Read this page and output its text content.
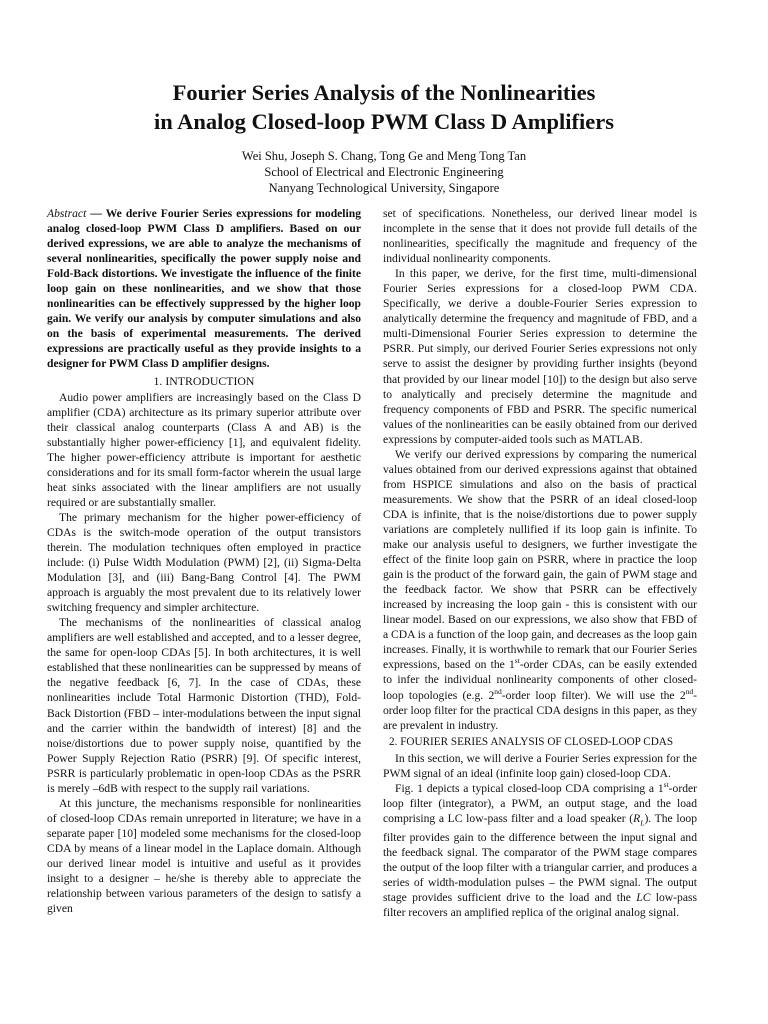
Fourier Series Analysis of the Nonlinearities
in Analog Closed-loop PWM Class D Amplifiers
Wei Shu, Joseph S. Chang, Tong Ge and Meng Tong Tan
School of Electrical and Electronic Engineering
Nanyang Technological University, Singapore

Abstract — We derive Fourier Series expressions for modeling analog closed-loop PWM Class D amplifiers. Based on our derived expressions, we are able to analyze the mechanisms of several nonlinearities, specifically the power supply noise and Fold-Back distortions. We investigate the influence of the finite loop gain on these nonlinearities, and we show that those nonlinearities can be effectively suppressed by the higher loop gain. We verify our analysis by computer simulations and also on the basis of experimental measurements. The derived expressions are practically useful as they provide insights to a designer for PWM Class D amplifier designs.

1. INTRODUCTION

Audio power amplifiers are increasingly based on the Class D amplifier (CDA) architecture as its primary superior attribute over their classical analog counterparts (Class A and AB) is the substantially higher power-efficiency [1], and equivalent fidelity. The higher power-efficiency attribute is important for aesthetic considerations and for its small form-factor wherein the usual large heat sinks associated with the linear amplifiers are not usually required or are substantially smaller.

The primary mechanism for the higher power-efficiency of CDAs is the switch-mode operation of the output transistors therein. The modulation techniques often employed in practice include: (i) Pulse Width Modulation (PWM) [2], (ii) Sigma-Delta Modulation [3], and (iii) Bang-Bang Control [4]. The PWM approach is arguably the most prevalent due to its relatively lower switching frequency and simpler architecture.

The mechanisms of the nonlinearities of classical analog amplifiers are well established and accepted, and to a lesser degree, the same for open-loop CDAs [5]. In both architectures, it is well established that these nonlinearities can be suppressed by means of the negative feedback [6, 7]. In the case of CDAs, these nonlinearities include Total Harmonic Distortion (THD), Fold-Back Distortion (FBD – inter-modulations between the input signal and the carrier within the bandwidth of interest) [8] and the noise/distortions due to power supply noise, quantified by the Power Supply Rejection Ratio (PSRR) [9]. Of specific interest, PSRR is particularly problematic in open-loop CDAs as the PSRR is merely –6dB with respect to the supply rail variations.

At this juncture, the mechanisms responsible for nonlinearities of closed-loop CDAs remain unreported in literature; we have in a separate paper [10] modeled some mechanisms for the closed-loop CDA by means of a linear model in the Laplace domain. Although our derived linear model is intuitive and useful as it provides insight to a designer – he/she is thereby able to appreciate the relationship between various parameters of the design to satisfy a given

set of specifications. Nonetheless, our derived linear model is incomplete in the sense that it does not provide full details of the nonlinearities, specifically the magnitude and frequency of the individual nonlinearity components.

In this paper, we derive, for the first time, multi-dimensional Fourier Series expressions for a closed-loop PWM CDA. Specifically, we derive a double-Fourier Series expression to analytically determine the frequency and magnitude of FBD, and a multi-Dimensional Fourier Series expression to determine the PSRR. Put simply, our derived Fourier Series expressions not only serve to assist the designer by providing further insights (beyond that provided by our linear model [10]) to the design but also serve to analytically and precisely determine the magnitude and frequency components of FBD and PSRR. The specific numerical values of the nonlinearities can be easily obtained from our derived expressions by computer-aided tools such as MATLAB.

We verify our derived expressions by comparing the numerical values obtained from our derived expressions against that obtained from HSPICE simulations and also on the basis of practical measurements. We show that the PSRR of an ideal closed-loop CDA is infinite, that is the noise/distortions due to power supply variations are completely nullified if its loop gain is infinite. To make our analysis useful to designers, we further investigate the effect of the finite loop gain on PSRR, where in practice the loop gain is the product of the forward gain, the gain of PWM stage and the feedback factor. We show that PSRR can be effectively increased by increasing the loop gain - this is consistent with our linear model. Based on our expressions, we also show that FBD of a CDA is a function of the loop gain, and decreases as the loop gain increases. Finally, it is worthwhile to remark that our Fourier Series expressions, based on the 1st-order CDAs, can be easily extended to infer the individual nonlinearity components of other closed-loop topologies (e.g. 2nd-order loop filter). We will use the 2nd-order loop filter for the practical CDA designs in this paper, as they are prevalent in industry.

2. FOURIER SERIES ANALYSIS OF CLOSED-LOOP CDAS

In this section, we will derive a Fourier Series expression for the PWM signal of an ideal (infinite loop gain) closed-loop CDA.

Fig. 1 depicts a typical closed-loop CDA comprising a 1st-order loop filter (integrator), a PWM, an output stage, and the load comprising a LC low-pass filter and a load speaker $(R_L)$. The loop filter provides gain to the difference between the input signal and the feedback signal. The comparator of the PWM stage compares the output of the loop filter with a triangular carrier, and produces a series of width-modulation pulses – the PWM signal. The output stage provides sufficient drive to the load and the LC low-pass filter recovers an amplified replica of the original analog signal.
